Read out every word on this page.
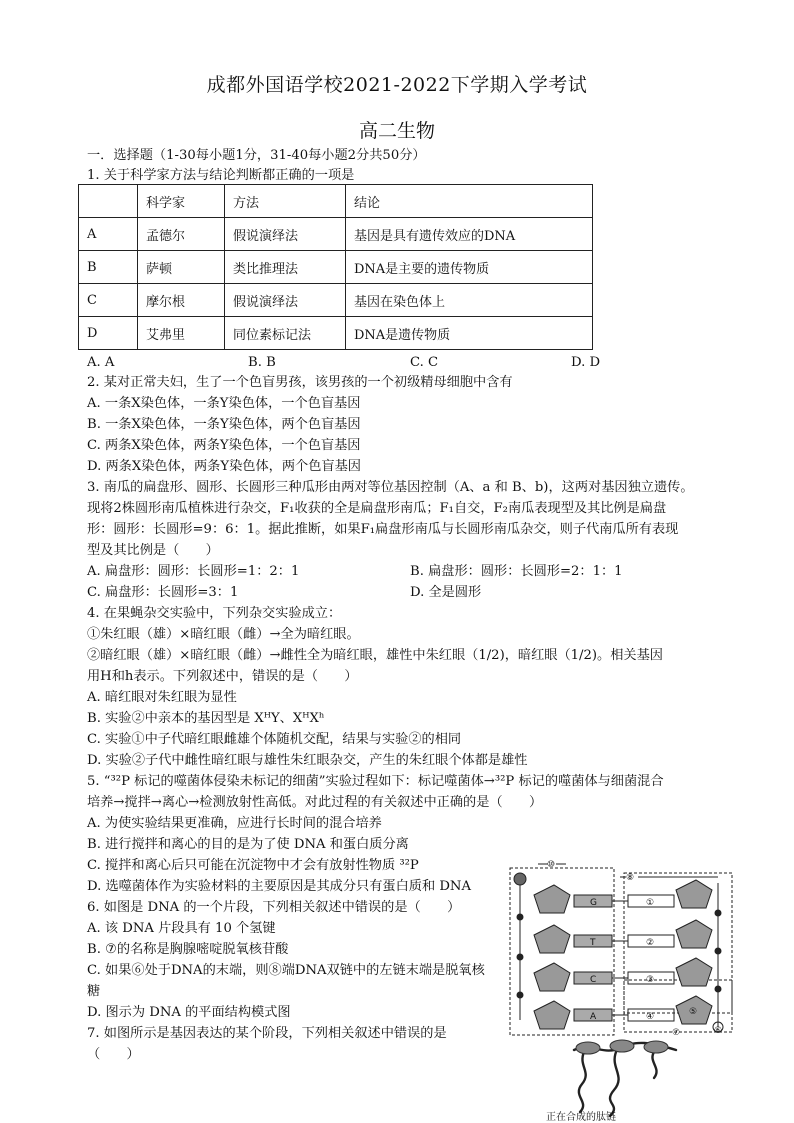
成都外国语学校2021-2022下学期入学考试
高二生物
一．选择题（1-30每小题1分，31-40每小题2分共50分）
1. 关于科学家方法与结论判断都正确的一项是
	科学家	方法	结论
A	孟德尔	假说演绎法	基因是具有遗传效应的DNA
B	萨顿	类比推理法	DNA是主要的遗传物质
C	摩尔根	假说演绎法	基因在染色体上
D	艾弗里	同位素标记法	DNA是遗传物质
A. A	B. B	C. C	D. D
2. 某对正常夫妇，生了一个色盲男孩，该男孩的一个初级精母细胞中含有
A. 一条X染色体，一条Y染色体，一个色盲基因
B. 一条X染色体，一条Y染色体，两个色盲基因
C. 两条X染色体，两条Y染色体，一个色盲基因
D. 两条X染色体，两条Y染色体，两个色盲基因
3. 南瓜的扁盘形、圆形、长圆形三种瓜形由两对等位基因控制（A、a 和 B、b)，这两对基因独立遗传。
现将2株圆形南瓜植株进行杂交，F₁收获的全是扁盘形南瓜；F₁自交，F₂南瓜表现型及其比例是扁盘
形：圆形：长圆形=9：6：1。据此推断，如果F₁扁盘形南瓜与长圆形南瓜杂交，则子代南瓜所有表现
型及其比例是（　　）
A. 扁盘形：圆形：长圆形=1：2：1	B. 扁盘形：圆形：长圆形=2：1：1
C. 扁盘形：长圆形=3：1	D. 全是圆形
4. 在果蝇杂交实验中，下列杂交实验成立：
①朱红眼（雄）×暗红眼（雌）→全为暗红眼。
②暗红眼（雄）×暗红眼（雌）→雌性全为暗红眼，雄性中朱红眼（1/2)，暗红眼（1/2)。相关基因
用H和h表示。下列叙述中，错误的是（　　）
A. 暗红眼对朱红眼为显性
B. 实验②中亲本的基因型是 XᴴY、XᴴXʰ
C. 实验①中子代暗红眼雌雄个体随机交配，结果与实验②的相同
D. 实验②子代中雌性暗红眼与雄性朱红眼杂交，产生的朱红眼个体都是雄性
5. “³²P 标记的噬菌体侵染未标记的细菌”实验过程如下：标记噬菌体→³²P 标记的噬菌体与细菌混合
培养→搅拌→离心→检测放射性高低。对此过程的有关叙述中正确的是（　　）
A. 为使实验结果更准确，应进行长时间的混合培养
B. 进行搅拌和离心的目的是为了使 DNA 和蛋白质分离
C. 搅拌和离心后只可能在沉淀物中才会有放射性物质 ³²P
D. 选噬菌体作为实验材料的主要原因是其成分只有蛋白质和 DNA
6. 如图是 DNA 的一个片段，下列相关叙述中错误的是（　　）
A. 该 DNA 片段具有 10 个氢键
B. ⑦的名称是胸腺嘧啶脱氧核苷酸
C. 如果⑥处于DNA的末端，则⑧端DNA双链中的左链末端是脱氧核
糖
D. 图示为 DNA 的平面结构模式图
7. 如图所示是基因表达的某个阶段，下列相关叙述中错误的是
（　　）
⑩
⑧
①
②
③
④	⑤
⑥
⑦
G
T
C
A
正在合成的肽链
